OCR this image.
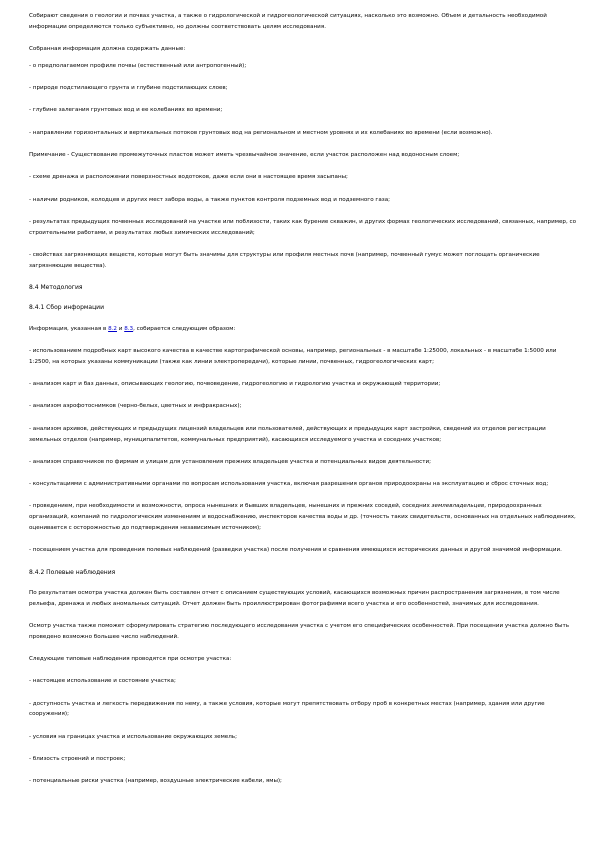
Собирают сведения о геологии и почвах участка, а также о гидрологической и гидрогеологической ситуациях, насколько это возможно. Объем и детальность необходимой информации определяются только субъективно, но должны соответствовать целям исследования.

Собранная информация должна содержать данные:

- о предполагаемом профиле почвы (естественный или антропогенный);

- природе подстилающего грунта и глубине подстилающих слоев;

- глубине залегания грунтовых вод и ее колебаниях во времени;

- направлении горизонтальных и вертикальных потоков грунтовых вод на региональном и местном уровнях и их колебаниях во времени (если возможно).

Примечание - Существование промежуточных пластов может иметь чрезвычайное значение, если участок расположен над водоносным слоем;

- схеме дренажа и расположении поверхностных водотоков, даже если они в настоящее время засыпаны;

- наличии родников, колодцев и других мест забора воды, а также пунктов контроля подземных вод и подземного газа;

- результатах предыдущих почвенных исследований на участке или поблизости, таких как бурение скважин, и других формах геологических исследований, связанных, например, со строительными работами, и результатах любых химических исследований;

- свойствах загрязняющих веществ, которые могут быть значимы для структуры или профиля местных почв (например, почвенный гумус может поглощать органические загрязняющие вещества).

8.4 Методология
8.4.1 Сбор информации

Информация, указанная в 8.2 и 8.3, собирается следующим образом:

- использованием подробных карт высокого качества в качестве картографической основы, например, региональных - в масштабе 1:25000, локальных - в масштабе 1:5000 или 1:2500, на которых указаны коммуникации (также как линии электропередачи), которые линии, почвенных, гидрогеологических карт;

- анализом карт и баз данных, описывающих геологию, почвоведение, гидрогеологию и гидрологию участка и окружающей территории;

- анализом аэрофотоснимков (черно-белых, цветных и инфракрасных);

- анализом архивов, действующих и предыдущих лицензий владельцев или пользователей, действующих и предыдущих карт застройки, сведений из отделов регистрации земельных отделов (например, муниципалитетов, коммунальных предприятий), касающихся исследуемого участка и соседних участков;

- анализом справочников по фирмам и улицам для установления прежних владельцев участка и потенциальных видов деятельности;

- консультациями с административными органами по вопросам использования участка, включая разрешения органов природоохраны на эксплуатацию и сброс сточных вод;

- проведением, при необходимости и возможности, опроса нынешних и бывших владельцев, нынешних и прежних соседей, соседних землевладельцев, природоохранных организаций, компаний по гидрологическим изменениям и водоснабжению, инспекторов качества воды и др. (точность таких свидетельств, основанных на отдельных наблюдениях, оценивается с осторожностью до подтверждения независимым источником);

- посещением участка для проведения полевых наблюдений (разведки участка) после получения и сравнения имеющихся исторических данных и другой значимой информации.

8.4.2 Полевые наблюдения

По результатам осмотра участка должен быть составлен отчет с описанием существующих условий, касающихся возможных причин распространения загрязнения, в том числе рельефа, дренажа и любых аномальных ситуаций. Отчет должен быть проиллюстрирован фотографиями всего участка и его особенностей, значимых для исследования.

Осмотр участка также поможет сформулировать стратегию последующего исследования участка с учетом его специфических особенностей. При посещении участка должно быть проведено возможно большее число наблюдений.

Следующие типовые наблюдения проводятся при осмотре участка:

- настоящее использование и состояние участка;

- доступность участка и легкость передвижения по нему, а также условия, которые могут препятствовать отбору проб в конкретных местах (например, здания или другие сооружения);

- условия на границах участка и использование окружающих земель;

- близость строений и построек;

- потенциальные риски участка (например, воздушные электрические кабели, ямы);
